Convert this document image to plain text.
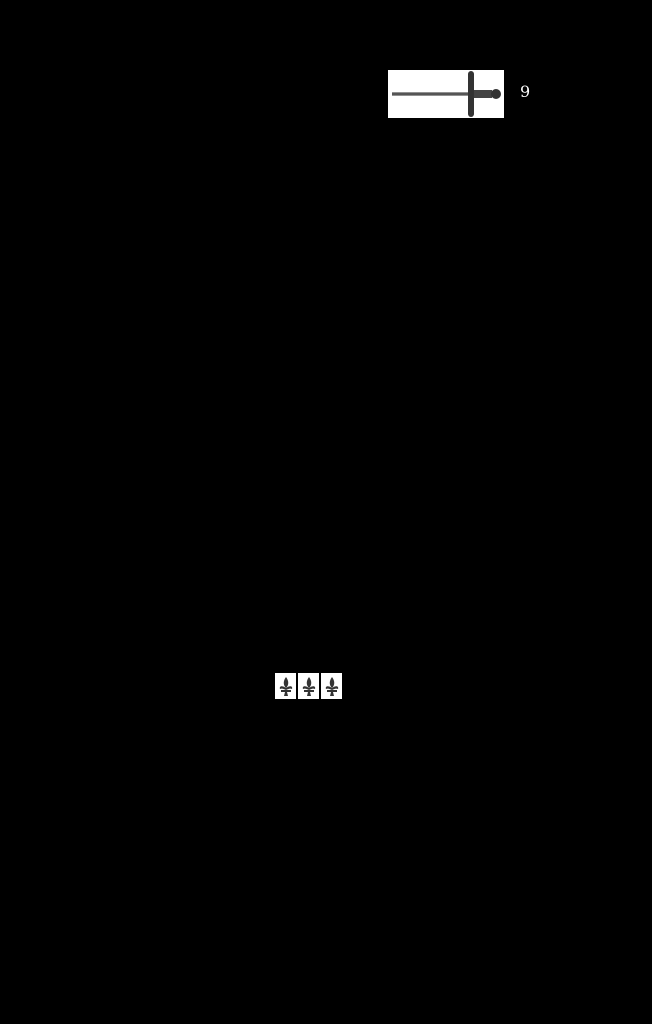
9
